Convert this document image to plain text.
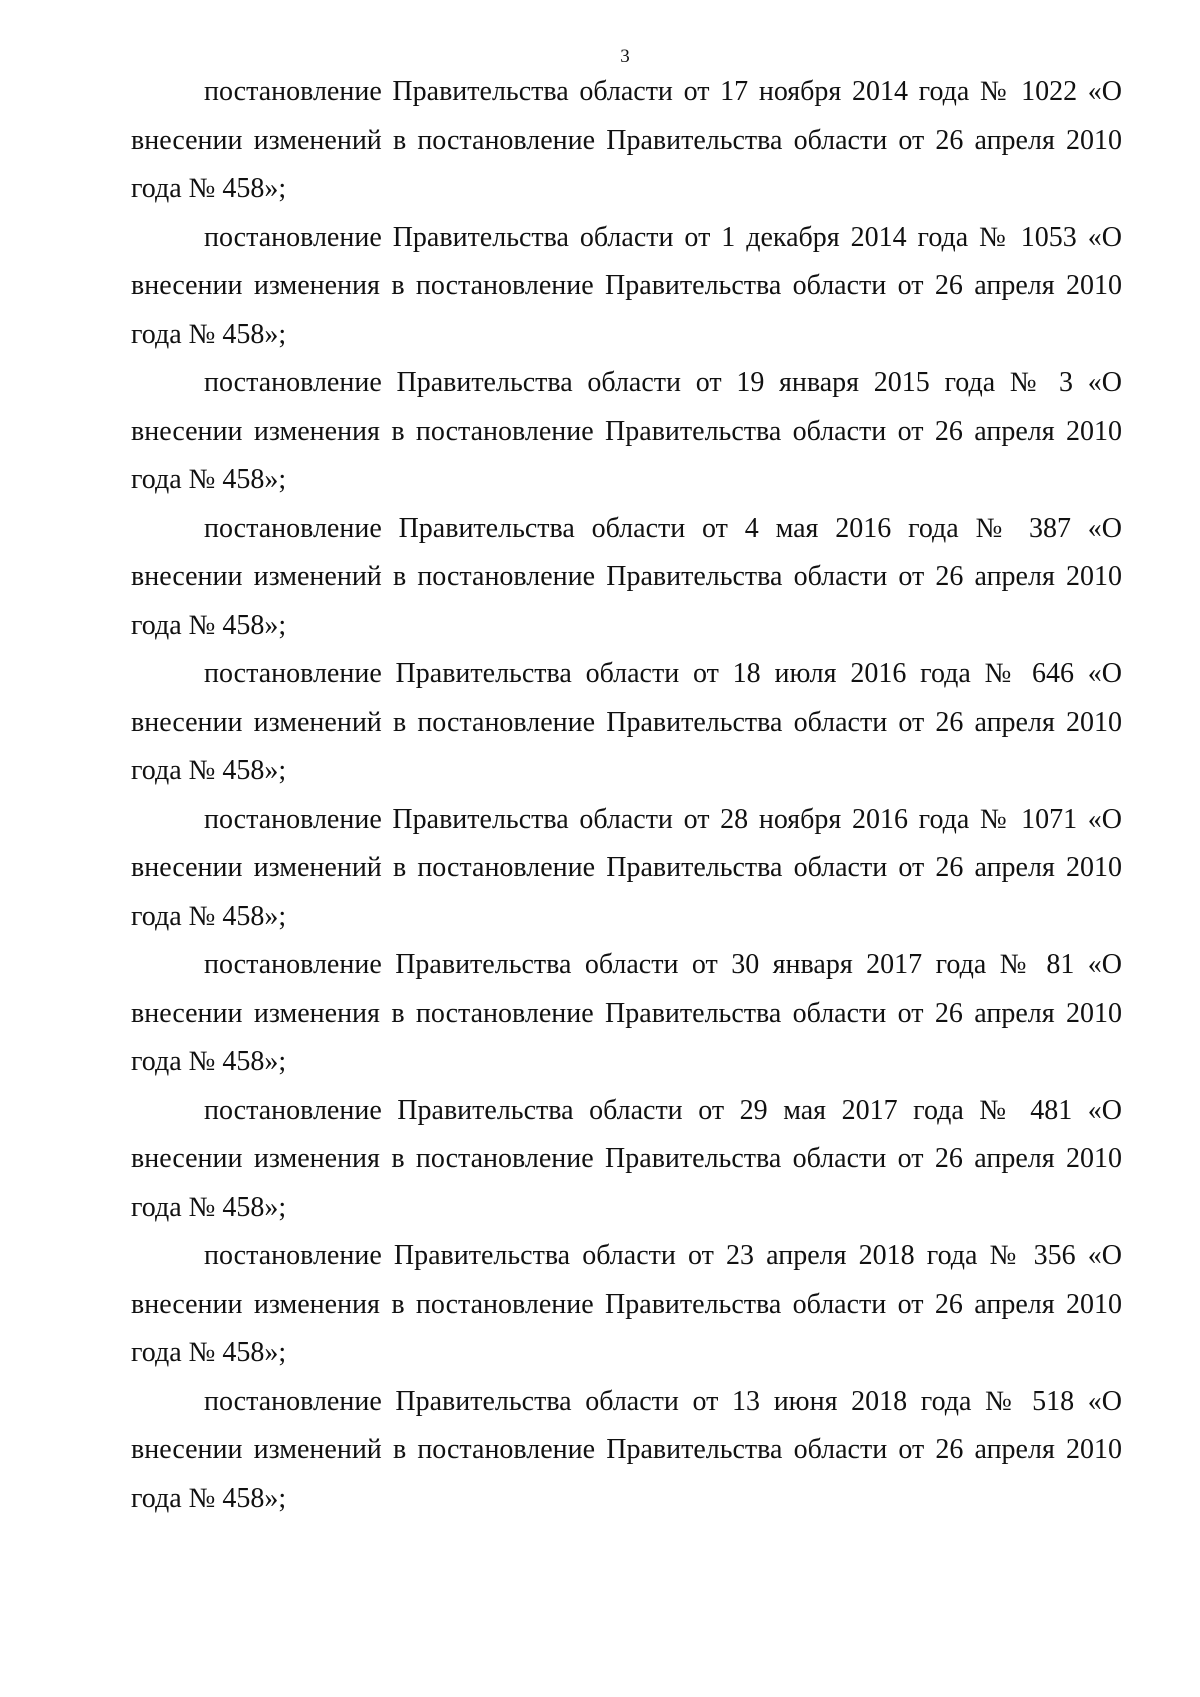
3

постановление Правительства области от 17 ноября 2014 года № 1022 «О внесении изменений в постановление Правительства области от 26 апреля 2010 года № 458»;

постановление Правительства области от 1 декабря 2014 года № 1053 «О внесении изменения в постановление Правительства области от 26 апреля 2010 года № 458»;

постановление Правительства области от 19 января 2015 года № 3 «О внесении изменения в постановление Правительства области от 26 апреля 2010 года № 458»;

постановление Правительства области от 4 мая 2016 года № 387 «О внесении изменений в постановление Правительства области от 26 апреля 2010 года № 458»;

постановление Правительства области от 18 июля 2016 года № 646 «О внесении изменений в постановление Правительства области от 26 апреля 2010 года № 458»;

постановление Правительства области от 28 ноября 2016 года № 1071 «О внесении изменений в постановление Правительства области от 26 апреля 2010 года № 458»;

постановление Правительства области от 30 января 2017 года № 81 «О внесении изменения в постановление Правительства области от 26 апреля 2010 года № 458»;

постановление Правительства области от 29 мая 2017 года № 481 «О внесении изменения в постановление Правительства области от 26 апреля 2010 года № 458»;

постановление Правительства области от 23 апреля 2018 года № 356 «О внесении изменения в постановление Правительства области от 26 апреля 2010 года № 458»;

постановление Правительства области от 13 июня 2018 года № 518 «О внесении изменений в постановление Правительства области от 26 апреля 2010 года № 458»;
